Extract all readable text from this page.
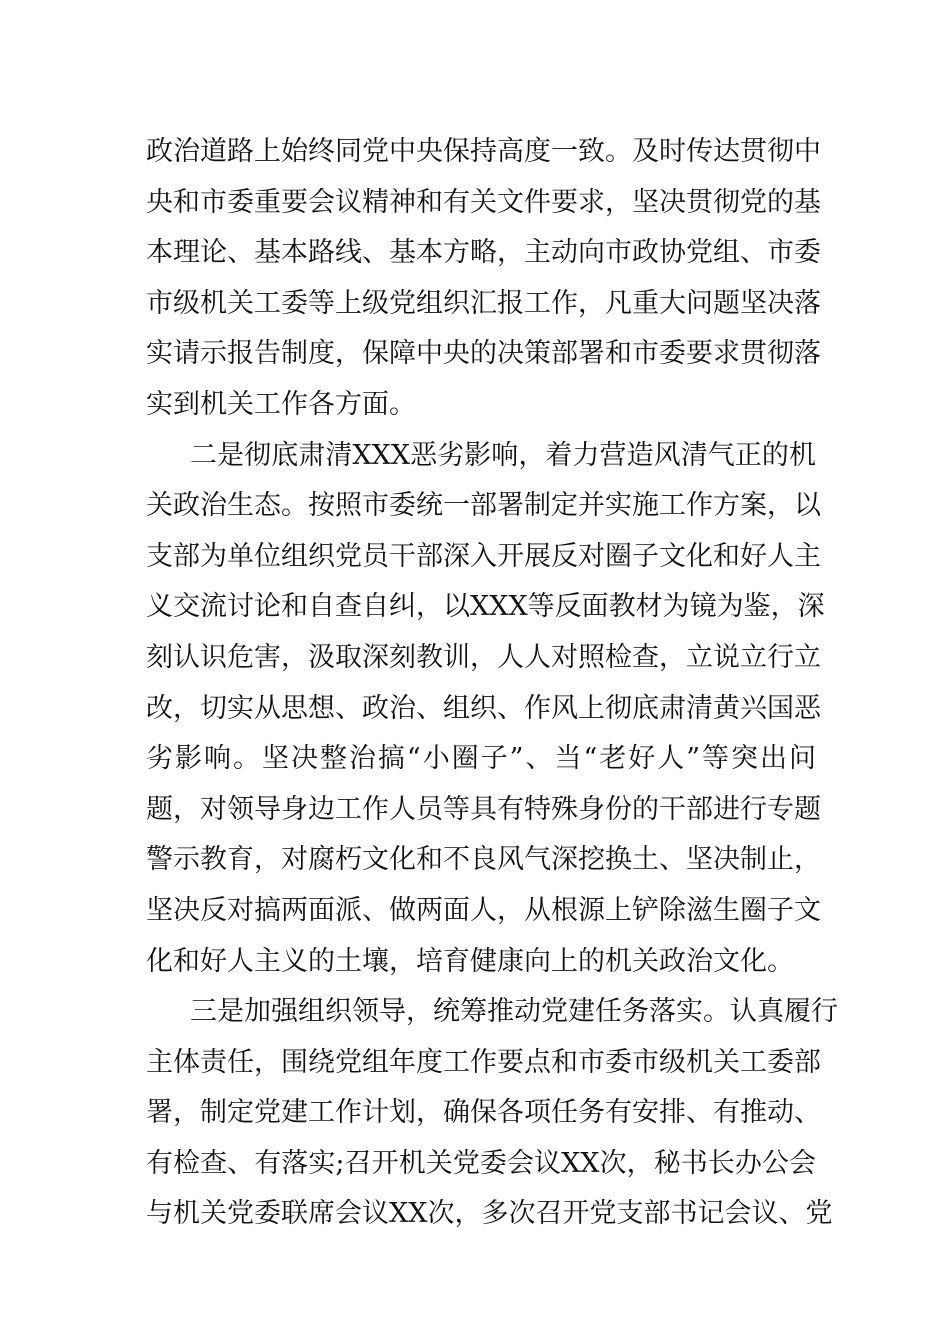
政治道路上始终同党中央保持高度一致。及时传达贯彻中
央和市委重要会议精神和有关文件要求，坚决贯彻党的基
本理论、基本路线、基本方略，主动向市政协党组、市委
市级机关工委等上级党组织汇报工作，凡重大问题坚决落
实请示报告制度，保障中央的决策部署和市委要求贯彻落
实到机关工作各方面。
二是彻底肃清XXX恶劣影响，着力营造风清气正的机
关政治生态。按照市委统一部署制定并实施工作方案，以
支部为单位组织党员干部深入开展反对圈子文化和好人主
义交流讨论和自查自纠，以XXX等反面教材为镜为鉴，深
刻认识危害，汲取深刻教训，人人对照检查，立说立行立
改，切实从思想、政治、组织、作风上彻底肃清黄兴国恶
劣影响。坚决整治搞“小圈子”、当“老好人”等突出问
题，对领导身边工作人员等具有特殊身份的干部进行专题
警示教育，对腐朽文化和不良风气深挖换土、坚决制止，
坚决反对搞两面派、做两面人，从根源上铲除滋生圈子文
化和好人主义的土壤，培育健康向上的机关政治文化。
三是加强组织领导，统筹推动党建任务落实。认真履行
主体责任，围绕党组年度工作要点和市委市级机关工委部
署，制定党建工作计划，确保各项任务有安排、有推动、
有检查、有落实;召开机关党委会议XX次，秘书长办公会
与机关党委联席会议XX次，多次召开党支部书记会议、党
